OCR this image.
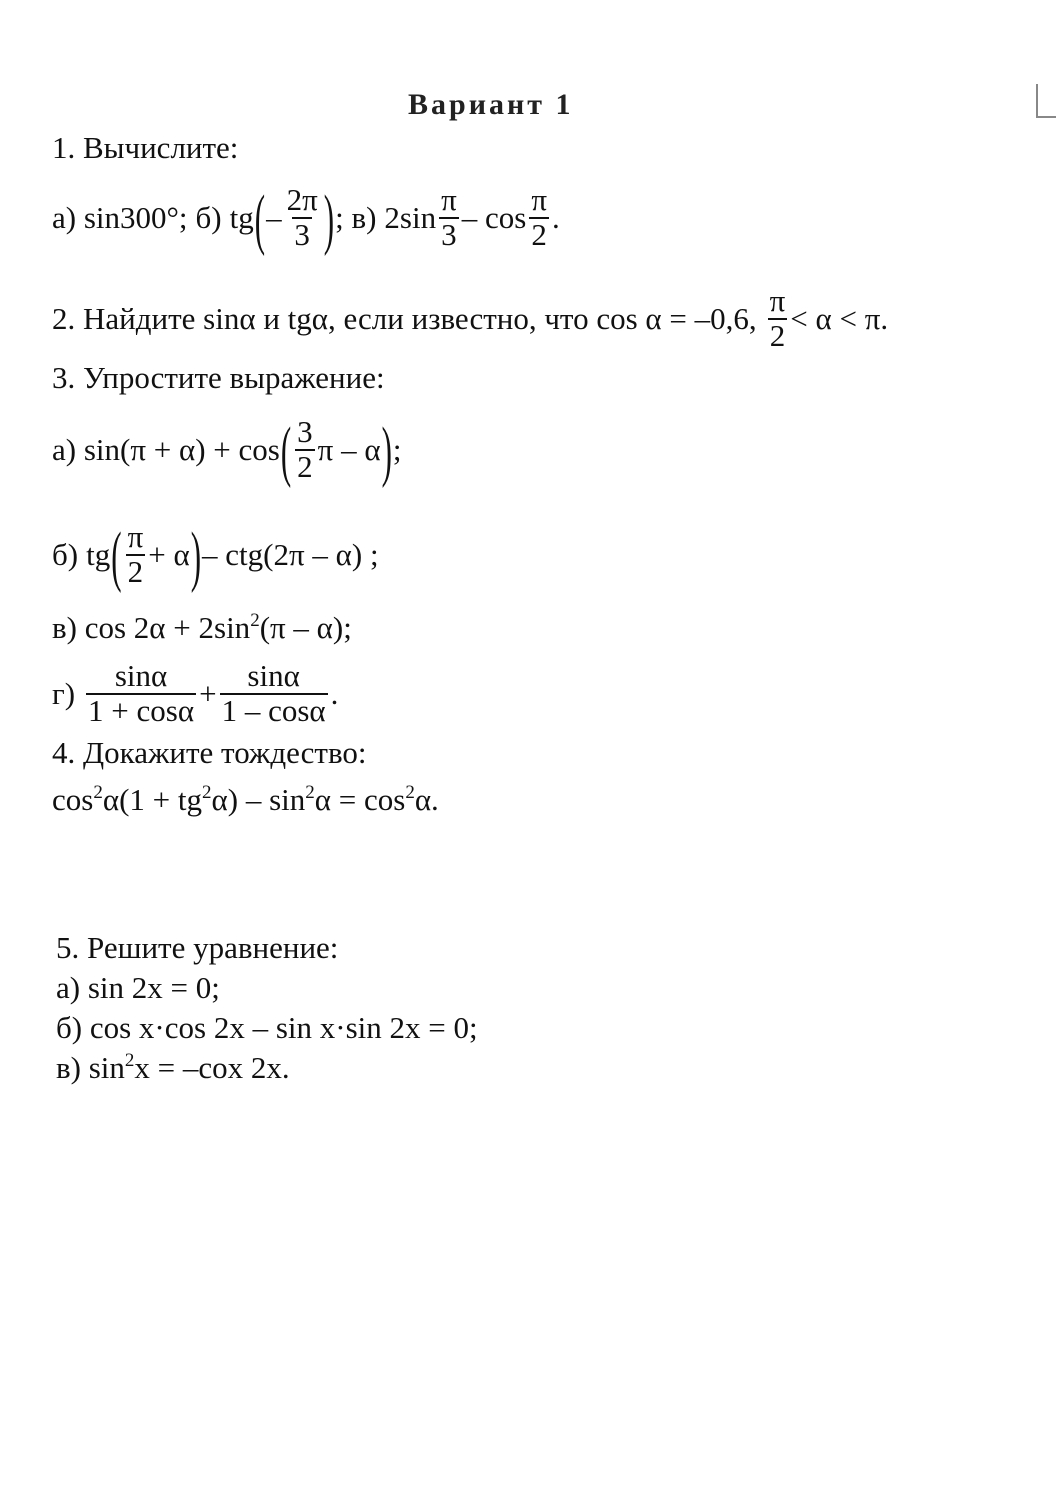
Вариант 1
1. Вычислите:
а) sin300°; б) tg ( – $\frac{2\pi}{3}$ ) ; в) $2\sin \frac{\pi}{3}$ – $\cos \frac{\pi}{2}$ .
2. Найдите sinα и tgα, если известно, что cos α = –0,6, $\frac{\pi}{2} < \alpha < \pi$.
3. Упростите выражение:
а) sin(π + α) + cos ( $\frac{3}{2}$ π – α ) ;
б) tg ( $\frac{\pi}{2} + \alpha$ ) – ctg(2π – α) ;
в) $\cos 2\alpha + 2\sin^2(\pi - \alpha)$;
$г) \frac{\sin\alpha}{1 + \cos\alpha} + \frac{\sin\alpha}{1 - \cos\alpha}$ .
4. Докажите тождество:
$\cos^2\alpha(1 + tg^2\alpha) - \sin^2\alpha = \cos^2\alpha$.
5. Решите уравнение:
а) sin 2x = 0;
б) cos x·cos 2x – sin x·sin 2x = 0;
в) $\sin^2x = -cox$ 2x.
